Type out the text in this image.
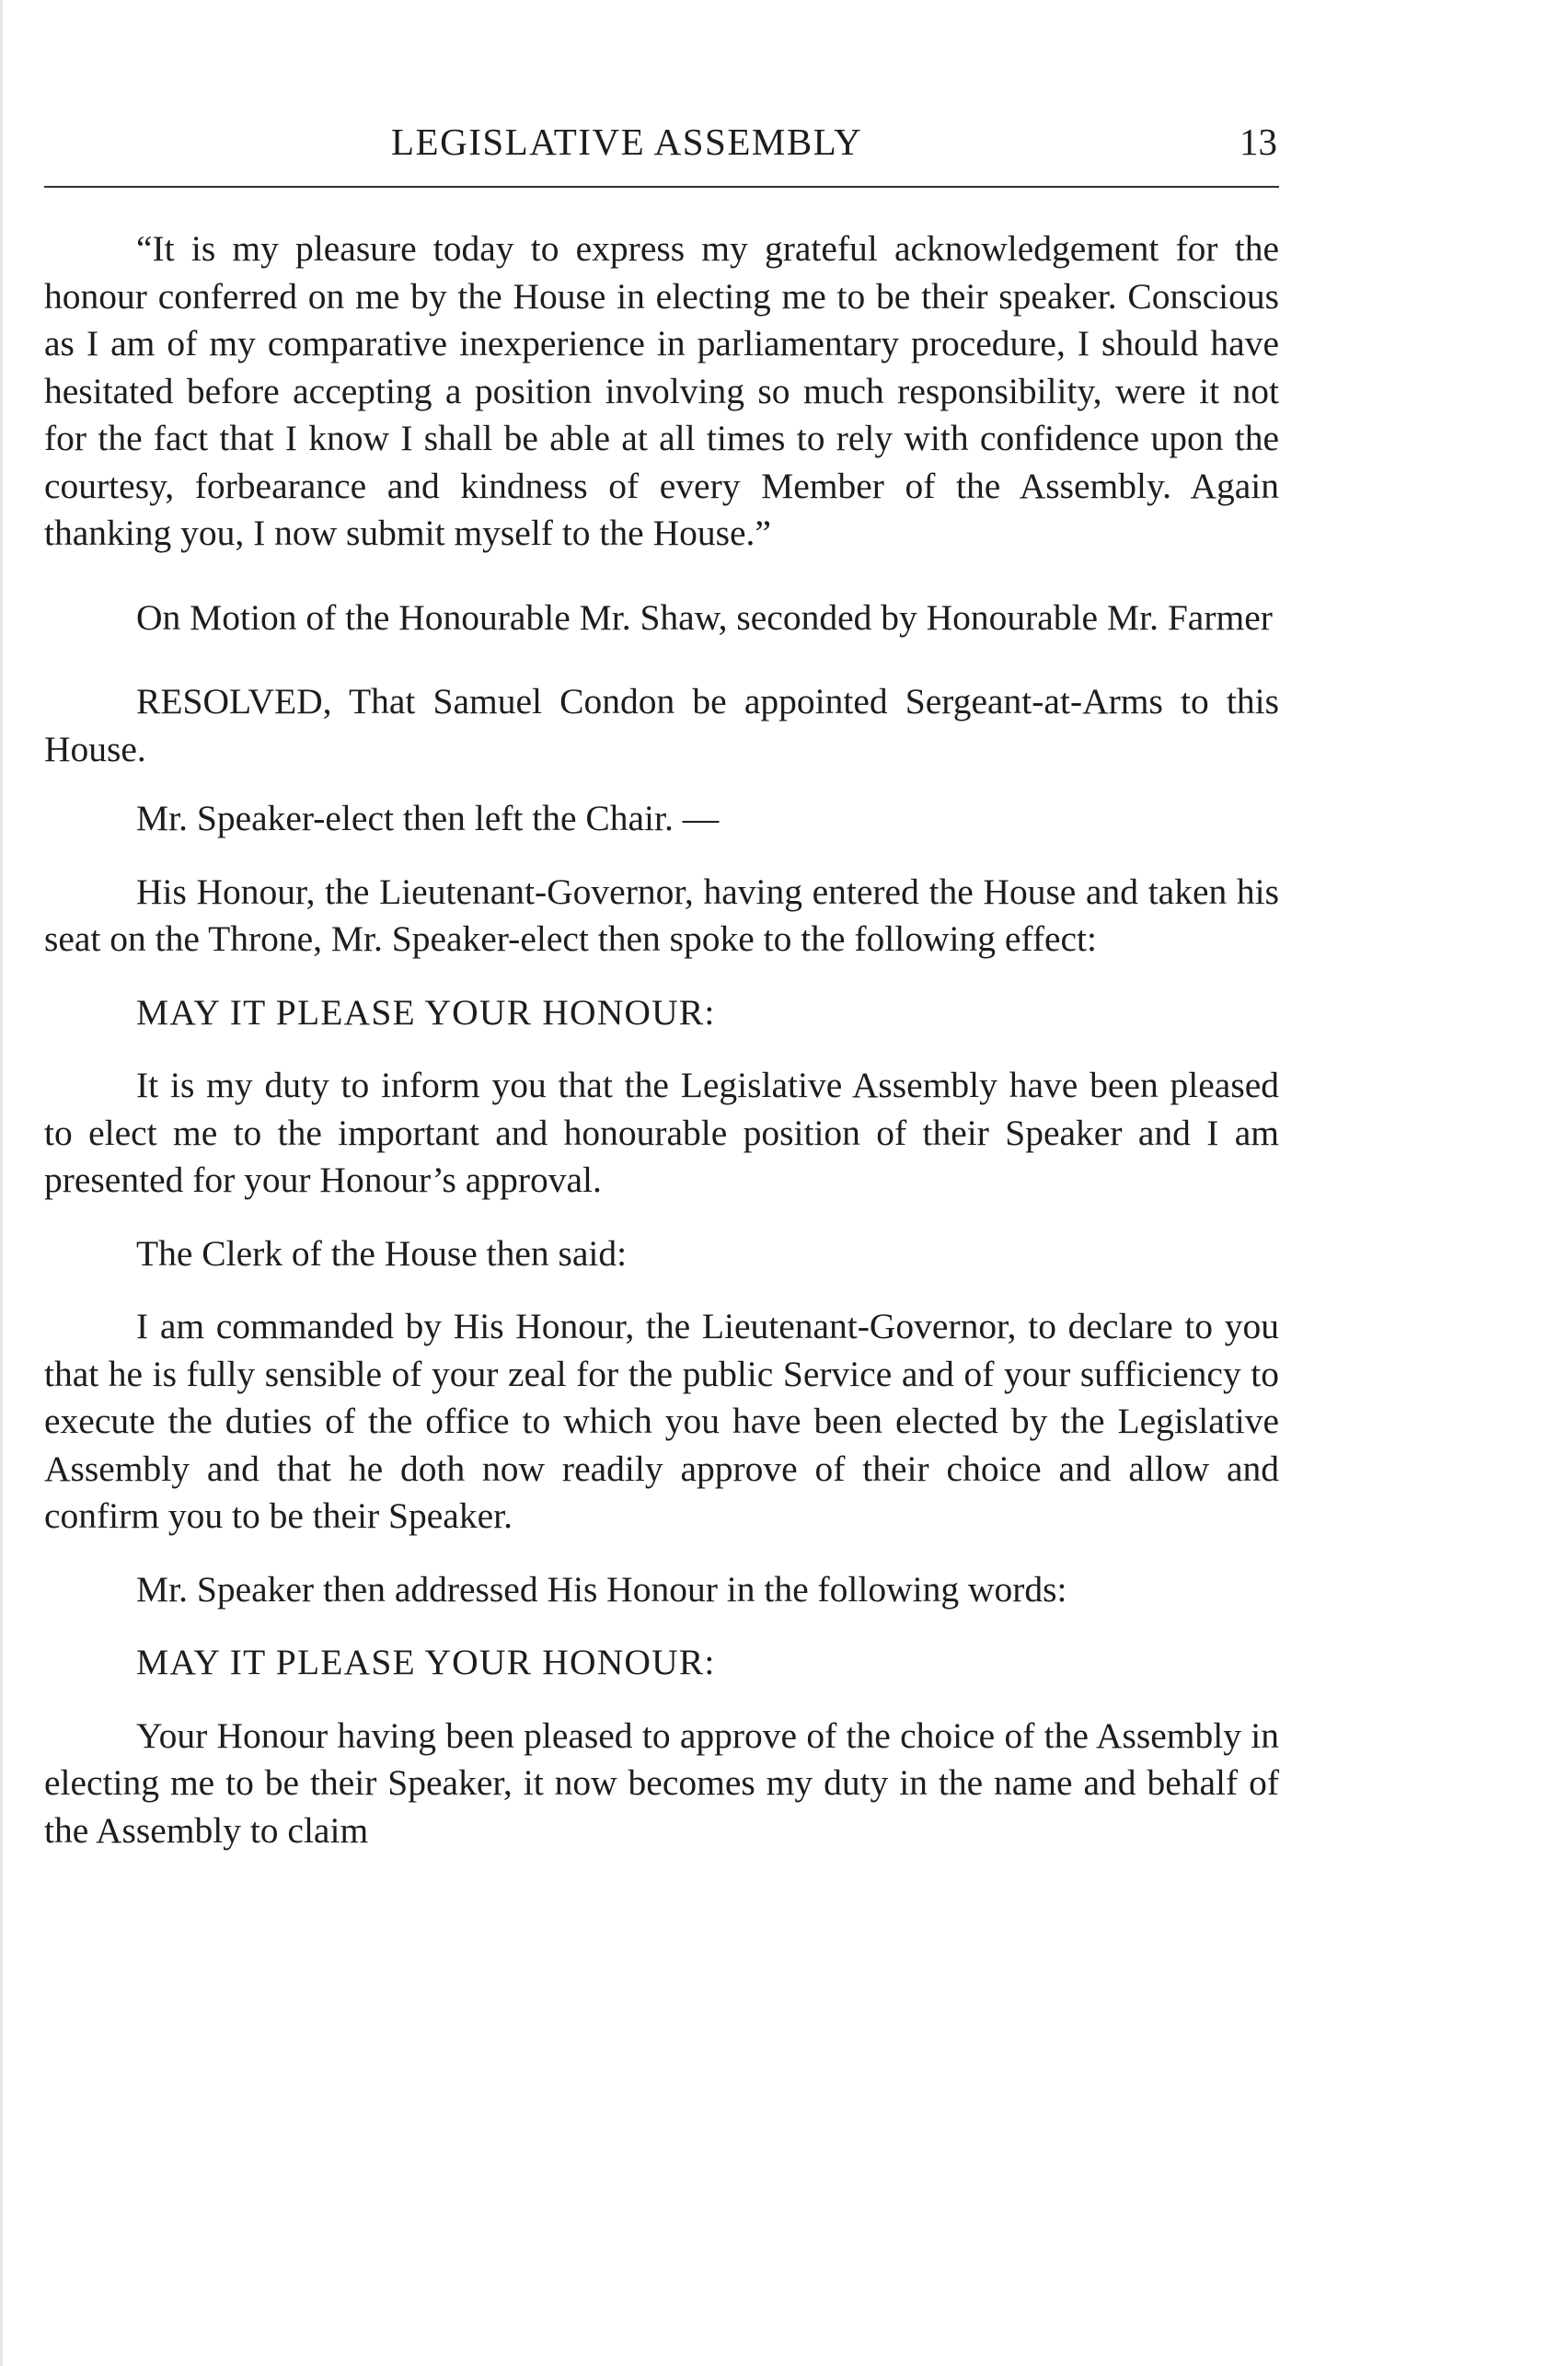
LEGISLATIVE ASSEMBLY	13

“It is my pleasure today to express my grateful acknowledgement for the honour conferred on me by the House in electing me to be their speaker. Conscious as I am of my comparative inexperience in parliamentary procedure, I should have hesitated before accepting a position involving so much responsibility, were it not for the fact that I know I shall be able at all times to rely with confidence upon the courtesy, forbearance and kindness of every Member of the Assembly. Again thanking you, I now submit myself to the House.”

On Motion of the Honourable Mr. Shaw, seconded by Honourable Mr. Farmer

RESOLVED, That Samuel Condon be appointed Sergeant-at-Arms to this House.

Mr. Speaker-elect then left the Chair. —

His Honour, the Lieutenant-Governor, having entered the House and taken his seat on the Throne, Mr. Speaker-elect then spoke to the following effect:

MAY IT PLEASE YOUR HONOUR:

It is my duty to inform you that the Legislative Assembly have been pleased to elect me to the important and honourable position of their Speaker and I am presented for your Honour’s approval.

The Clerk of the House then said:

I am commanded by His Honour, the Lieutenant-Governor, to declare to you that he is fully sensible of your zeal for the public Service and of your sufficiency to execute the duties of the office to which you have been elected by the Legislative Assembly and that he doth now readily approve of their choice and allow and confirm you to be their Speaker.

Mr. Speaker then addressed His Honour in the following words:

MAY IT PLEASE YOUR HONOUR:

Your Honour having been pleased to approve of the choice of the Assembly in electing me to be their Speaker, it now becomes my duty in the name and behalf of the Assembly to claim
